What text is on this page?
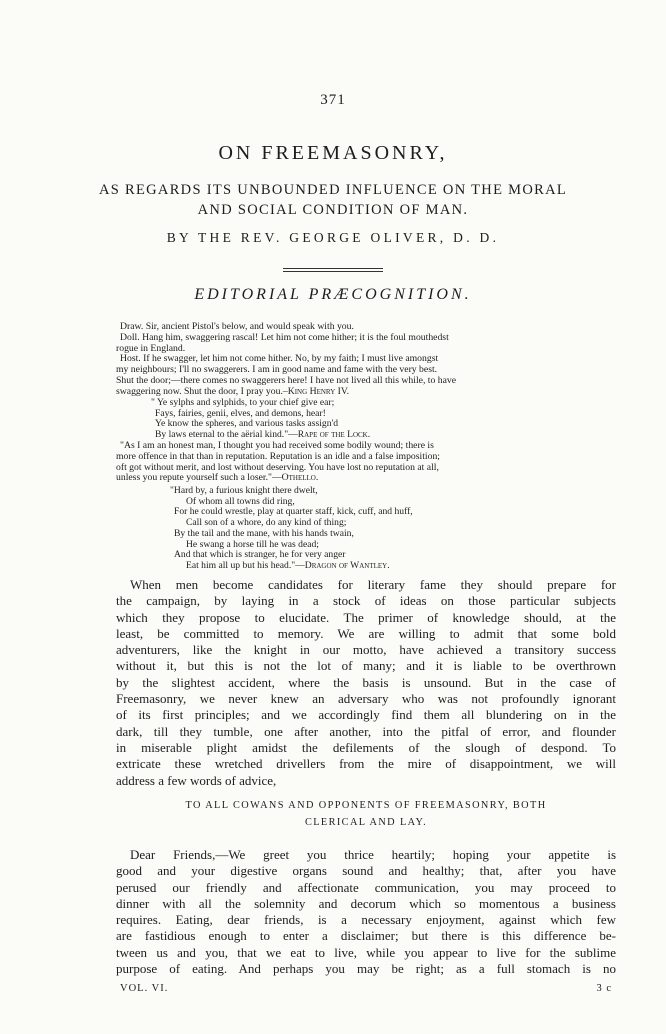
371
ON FREEMASONRY,
AS REGARDS ITS UNBOUNDED INFLUENCE ON THE MORAL
AND SOCIAL CONDITION OF MAN.
BY THE REV. GEORGE OLIVER, D. D.
EDITORIAL PRÆCOGNITION.

Draw. Sir, ancient Pistol's below, and would speak with you.

Doll. Hang him, swaggering rascal! Let him not come hither; it is the foul mouthedst

rogue in England.

Host. If he swagger, let him not come hither. No, by my faith; I must live amongst

my neighbours; I'll no swaggerers. I am in good name and fame with the very best.

Shut the door;—there comes no swaggerers here! I have not lived all this while, to have

swaggering now. Shut the door, I pray you.–King Henry IV.

" Ye sylphs and sylphids, to your chief give ear;

Fays, fairies, genii, elves, and demons, hear!

Ye know the spheres, and various tasks assign'd

By laws eternal to the aërial kind."—Rape of the Lock.

"As I am an honest man, I thought you had received some bodily wound; there is

more offence in that than in reputation. Reputation is an idle and a false imposition;

oft got without merit, and lost without deserving. You have lost no reputation at all,

unless you repute yourself such a loser."—Othello.

"Hard by, a furious knight there dwelt,

Of whom all towns did ring,

For he could wrestle, play at quarter staff, kick, cuff, and huff,

Call son of a whore, do any kind of thing;

By the tail and the mane, with his hands twain,

He swang a horse till he was dead;

And that which is stranger, he for very anger

Eat him all up but his head."—Dragon of Wantley.

When men become candidates for literary fame they should prepare for

the campaign, by laying in a stock of ideas on those particular subjects

which they propose to elucidate. The primer of knowledge should, at the

least, be committed to memory. We are willing to admit that some bold

adventurers, like the knight in our motto, have achieved a transitory success

without it, but this is not the lot of many; and it is liable to be overthrown

by the slightest accident, where the basis is unsound. But in the case of

Freemasonry, we never knew an adversary who was not profoundly ignorant

of its first principles; and we accordingly find them all blundering on in the

dark, till they tumble, one after another, into the pitfal of error, and flounder

in miserable plight amidst the defilements of the slough of despond. To

extricate these wretched drivellers from the mire of disappointment, we will

address a few words of advice,

TO ALL COWANS AND OPPONENTS OF FREEMASONRY, BOTH
CLERICAL AND LAY.

Dear Friends,—We greet you thrice heartily; hoping your appetite is

good and your digestive organs sound and healthy; that, after you have

perused our friendly and affectionate communication, you may proceed to

dinner with all the solemnity and decorum which so momentous a business

requires. Eating, dear friends, is a necessary enjoyment, against which few

are fastidious enough to enter a disclaimer; but there is this difference be-

tween us and you, that we eat to live, while you appear to live for the sublime

purpose of eating. And perhaps you may be right; as a full stomach is no

VOL. VI.	3 c
